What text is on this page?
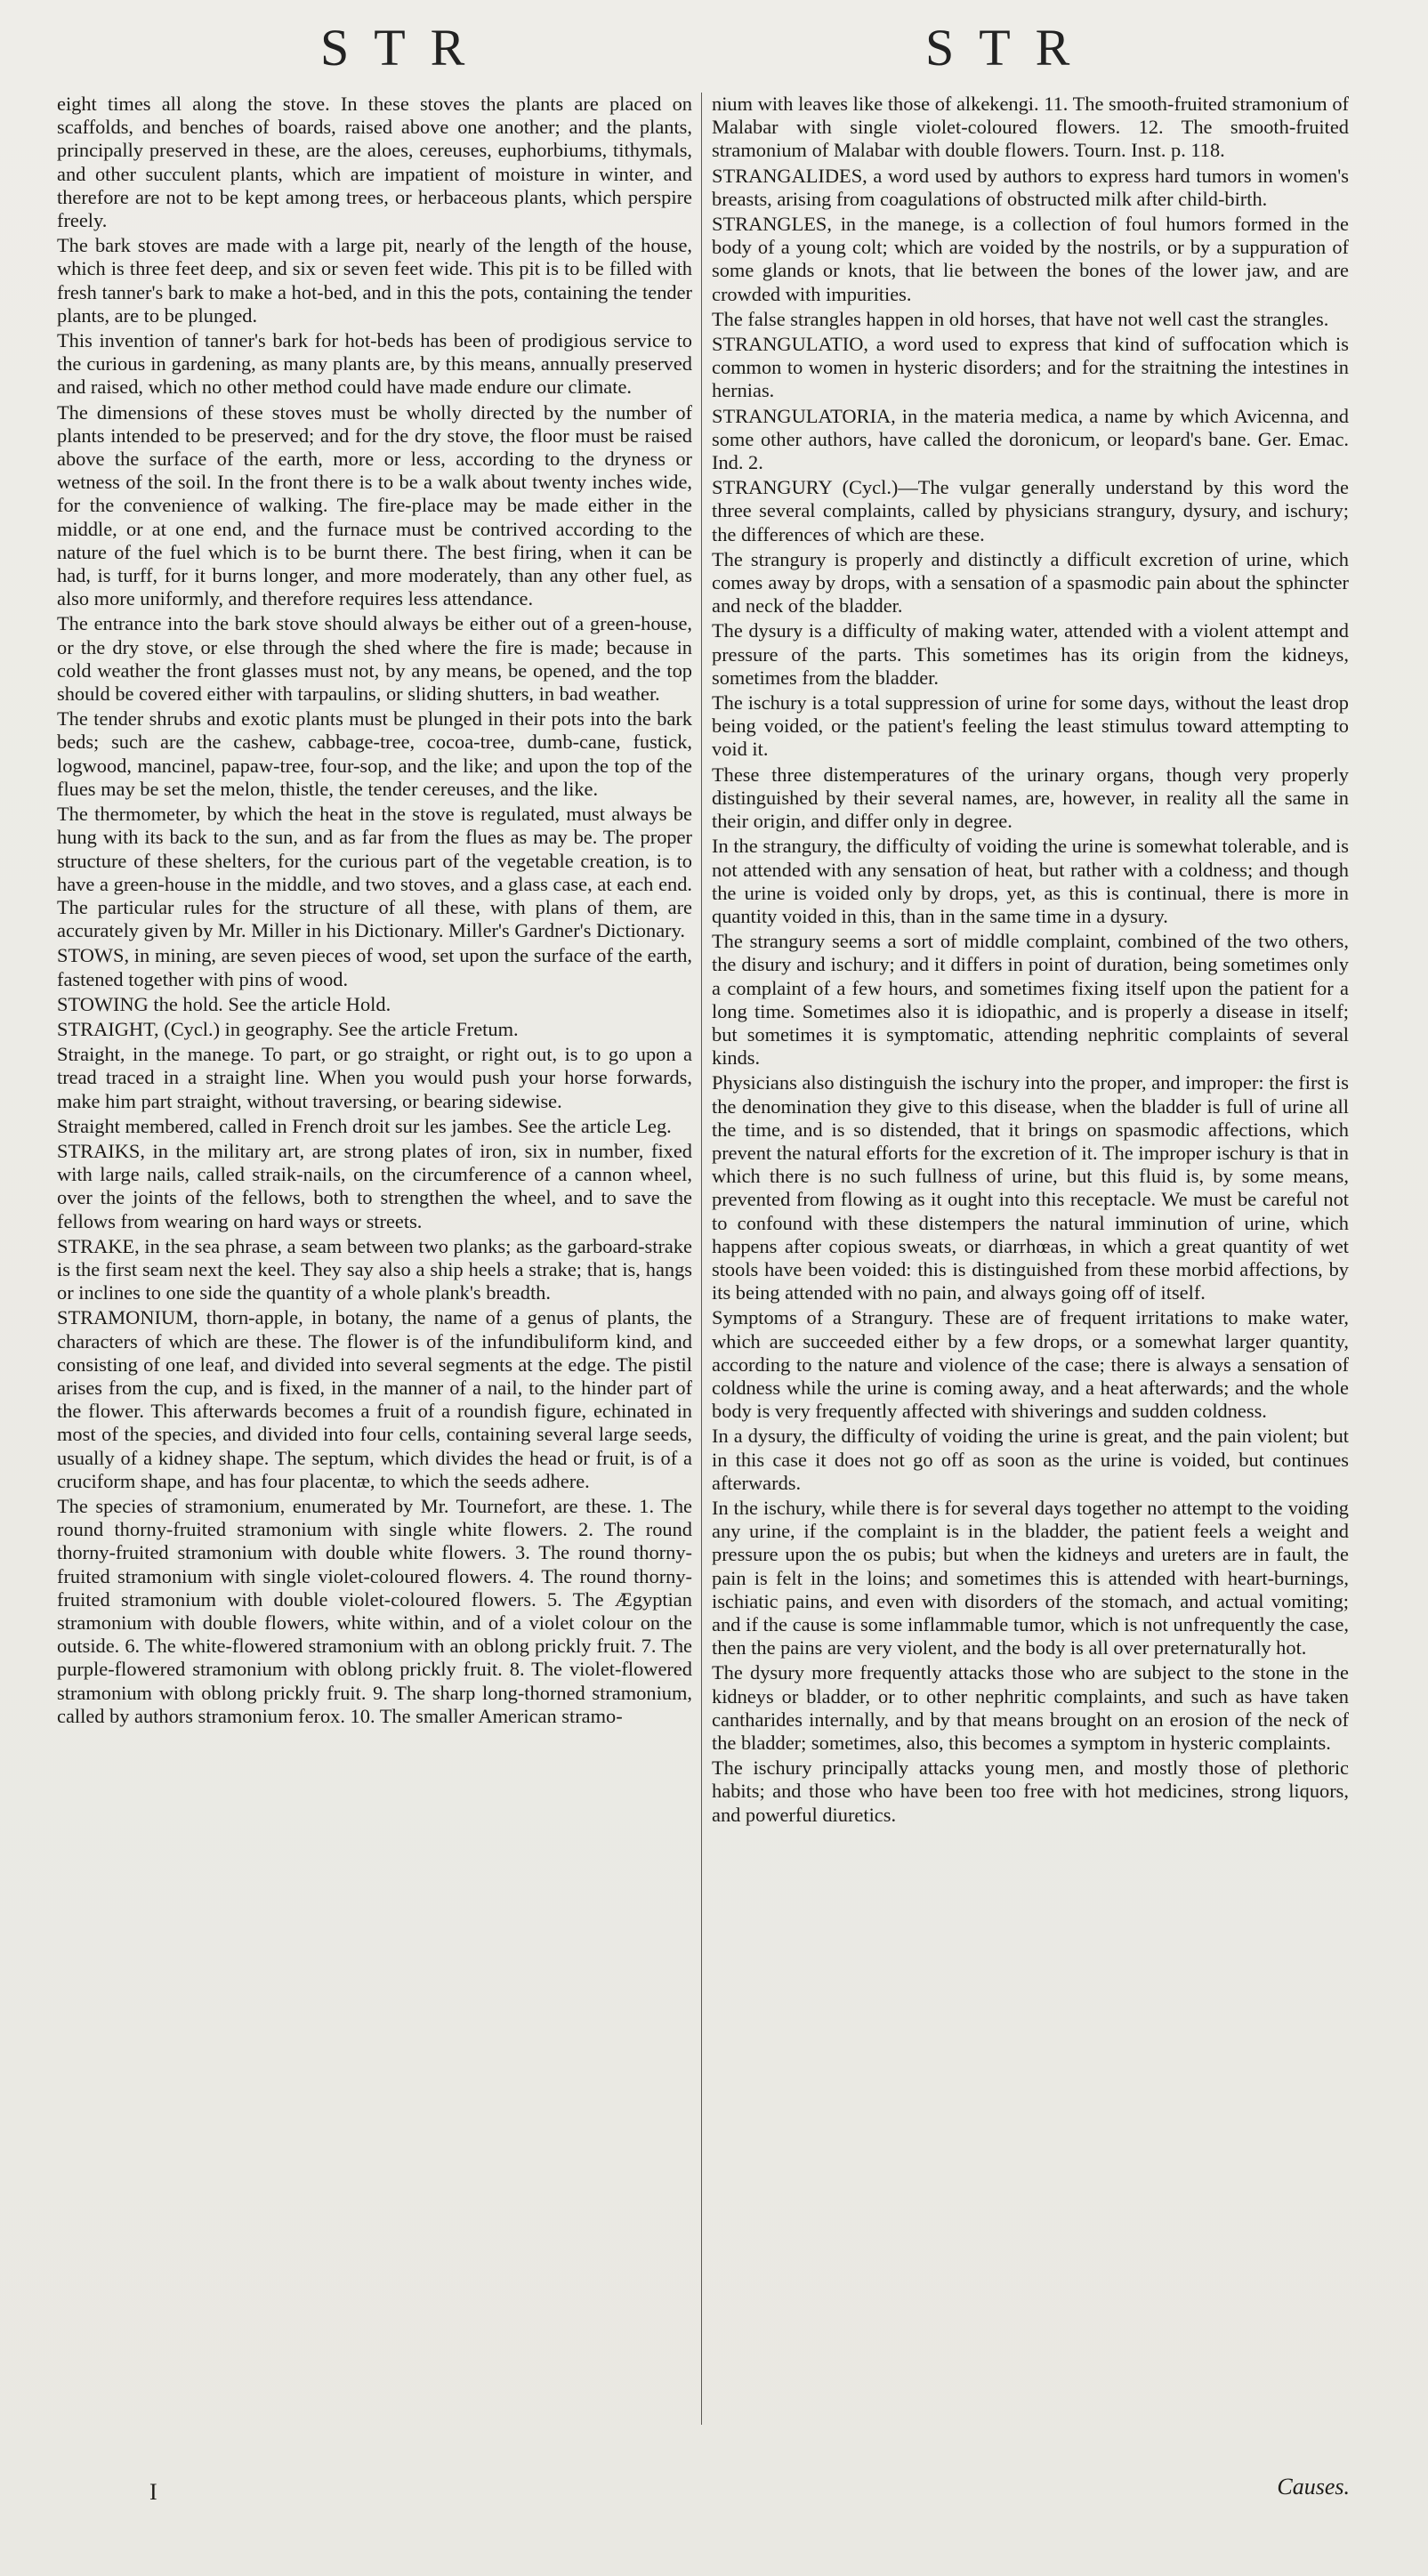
STR	STR

eight times all along the stove. In these stoves the plants are placed on scaffolds, and benches of boards, raised above one another; and the plants, principally preserved in these, are the aloes, cereuses, euphorbiums, tithymals, and other succulent plants, which are impatient of moisture in winter, and therefore are not to be kept among trees, or herbaceous plants, which perspire freely.

The bark stoves are made with a large pit, nearly of the length of the house, which is three feet deep, and six or seven feet wide. This pit is to be filled with fresh tanner's bark to make a hot-bed, and in this the pots, containing the tender plants, are to be plunged.

This invention of tanner's bark for hot-beds has been of prodigious service to the curious in gardening, as many plants are, by this means, annually preserved and raised, which no other method could have made endure our climate.

The dimensions of these stoves must be wholly directed by the number of plants intended to be preserved; and for the dry stove, the floor must be raised above the surface of the earth, more or less, according to the dryness or wetness of the soil. In the front there is to be a walk about twenty inches wide, for the convenience of walking. The fire-place may be made either in the middle, or at one end, and the furnace must be contrived according to the nature of the fuel which is to be burnt there. The best firing, when it can be had, is turff, for it burns longer, and more moderately, than any other fuel, as also more uniformly, and therefore requires less attendance.

The entrance into the bark stove should always be either out of a green-house, or the dry stove, or else through the shed where the fire is made; because in cold weather the front glasses must not, by any means, be opened, and the top should be covered either with tarpaulins, or sliding shutters, in bad weather.

The tender shrubs and exotic plants must be plunged in their pots into the bark beds; such are the cashew, cabbage-tree, cocoa-tree, dumb-cane, fustick, logwood, mancinel, papaw-tree, four-sop, and the like; and upon the top of the flues may be set the melon, thistle, the tender cereuses, and the like.

The thermometer, by which the heat in the stove is regulated, must always be hung with its back to the sun, and as far from the flues as may be. The proper structure of these shelters, for the curious part of the vegetable creation, is to have a green-house in the middle, and two stoves, and a glass case, at each end. The particular rules for the structure of all these, with plans of them, are accurately given by Mr. Miller in his Dictionary. Miller's Gardner's Dictionary.

STOWS, in mining, are seven pieces of wood, set upon the surface of the earth, fastened together with pins of wood.

STOWING the hold. See the article Hold.

STRAIGHT, (Cycl.) in geography. See the article Fretum.

Straight, in the manege. To part, or go straight, or right out, is to go upon a tread traced in a straight line. When you would push your horse forwards, make him part straight, without traversing, or bearing sidewise.

Straight membered, called in French droit sur les jambes. See the article Leg.

STRAIKS, in the military art, are strong plates of iron, six in number, fixed with large nails, called straik-nails, on the circumference of a cannon wheel, over the joints of the fellows, both to strengthen the wheel, and to save the fellows from wearing on hard ways or streets.

STRAKE, in the sea phrase, a seam between two planks; as the garboard-strake is the first seam next the keel. They say also a ship heels a strake; that is, hangs or inclines to one side the quantity of a whole plank's breadth.

STRAMONIUM, thorn-apple, in botany, the name of a genus of plants, the characters of which are these. The flower is of the infundibuliform kind, and consisting of one leaf, and divided into several segments at the edge. The pistil arises from the cup, and is fixed, in the manner of a nail, to the hinder part of the flower. This afterwards becomes a fruit of a roundish figure, echinated in most of the species, and divided into four cells, containing several large seeds, usually of a kidney shape. The septum, which divides the head or fruit, is of a cruciform shape, and has four placentæ, to which the seeds adhere.

The species of stramonium, enumerated by Mr. Tournefort, are these. 1. The round thorny-fruited stramonium with single white flowers. 2. The round thorny-fruited stramonium with double white flowers. 3. The round thorny-fruited stramonium with single violet-coloured flowers. 4. The round thorny-fruited stramonium with double violet-coloured flowers. 5. The Ægyptian stramonium with double flowers, white within, and of a violet colour on the outside. 6. The white-flowered stramonium with an oblong prickly fruit. 7. The purple-flowered stramonium with oblong prickly fruit. 8. The violet-flowered stramonium with oblong prickly fruit. 9. The sharp long-thorned stramonium, called by authors stramonium ferox. 10. The smaller American stramo-

nium with leaves like those of alkekengi. 11. The smooth-fruited stramonium of Malabar with single violet-coloured flowers. 12. The smooth-fruited stramonium of Malabar with double flowers. Tourn. Inst. p. 118.

STRANGALIDES, a word used by authors to express hard tumors in women's breasts, arising from coagulations of obstructed milk after child-birth.

STRANGLES, in the manege, is a collection of foul humors formed in the body of a young colt; which are voided by the nostrils, or by a suppuration of some glands or knots, that lie between the bones of the lower jaw, and are crowded with impurities.

The false strangles happen in old horses, that have not well cast the strangles.

STRANGULATIO, a word used to express that kind of suffocation which is common to women in hysteric disorders; and for the straitning the intestines in hernias.

STRANGULATORIA, in the materia medica, a name by which Avicenna, and some other authors, have called the doronicum, or leopard's bane. Ger. Emac. Ind. 2.

STRANGURY (Cycl.)—The vulgar generally understand by this word the three several complaints, called by physicians strangury, dysury, and ischury; the differences of which are these.

The strangury is properly and distinctly a difficult excretion of urine, which comes away by drops, with a sensation of a spasmodic pain about the sphincter and neck of the bladder.

The dysury is a difficulty of making water, attended with a violent attempt and pressure of the parts. This sometimes has its origin from the kidneys, sometimes from the bladder.

The ischury is a total suppression of urine for some days, without the least drop being voided, or the patient's feeling the least stimulus toward attempting to void it.

These three distemperatures of the urinary organs, though very properly distinguished by their several names, are, however, in reality all the same in their origin, and differ only in degree.

In the strangury, the difficulty of voiding the urine is somewhat tolerable, and is not attended with any sensation of heat, but rather with a coldness; and though the urine is voided only by drops, yet, as this is continual, there is more in quantity voided in this, than in the same time in a dysury.

The strangury seems a sort of middle complaint, combined of the two others, the disury and ischury; and it differs in point of duration, being sometimes only a complaint of a few hours, and sometimes fixing itself upon the patient for a long time. Sometimes also it is idiopathic, and is properly a disease in itself; but sometimes it is symptomatic, attending nephritic complaints of several kinds.

Physicians also distinguish the ischury into the proper, and improper: the first is the denomination they give to this disease, when the bladder is full of urine all the time, and is so distended, that it brings on spasmodic affections, which prevent the natural efforts for the excretion of it. The improper ischury is that in which there is no such fullness of urine, but this fluid is, by some means, prevented from flowing as it ought into this receptacle. We must be careful not to confound with these distempers the natural imminution of urine, which happens after copious sweats, or diarrhœas, in which a great quantity of wet stools have been voided: this is distinguished from these morbid affections, by its being attended with no pain, and always going off of itself.

Symptoms of a Strangury. These are of frequent irritations to make water, which are succeeded either by a few drops, or a somewhat larger quantity, according to the nature and violence of the case; there is always a sensation of coldness while the urine is coming away, and a heat afterwards; and the whole body is very frequently affected with shiverings and sudden coldness.

In a dysury, the difficulty of voiding the urine is great, and the pain violent; but in this case it does not go off as soon as the urine is voided, but continues afterwards.

In the ischury, while there is for several days together no attempt to the voiding any urine, if the complaint is in the bladder, the patient feels a weight and pressure upon the os pubis; but when the kidneys and ureters are in fault, the pain is felt in the loins; and sometimes this is attended with heart-burnings, ischiatic pains, and even with disorders of the stomach, and actual vomiting; and if the cause is some inflammable tumor, which is not unfrequently the case, then the pains are very violent, and the body is all over preternaturally hot.

The dysury more frequently attacks those who are subject to the stone in the kidneys or bladder, or to other nephritic complaints, and such as have taken cantharides internally, and by that means brought on an erosion of the neck of the bladder; sometimes, also, this becomes a symptom in hysteric complaints.

The ischury principally attacks young men, and mostly those of plethoric habits; and those who have been too free with hot medicines, strong liquors, and powerful diuretics.

I	Causes.
